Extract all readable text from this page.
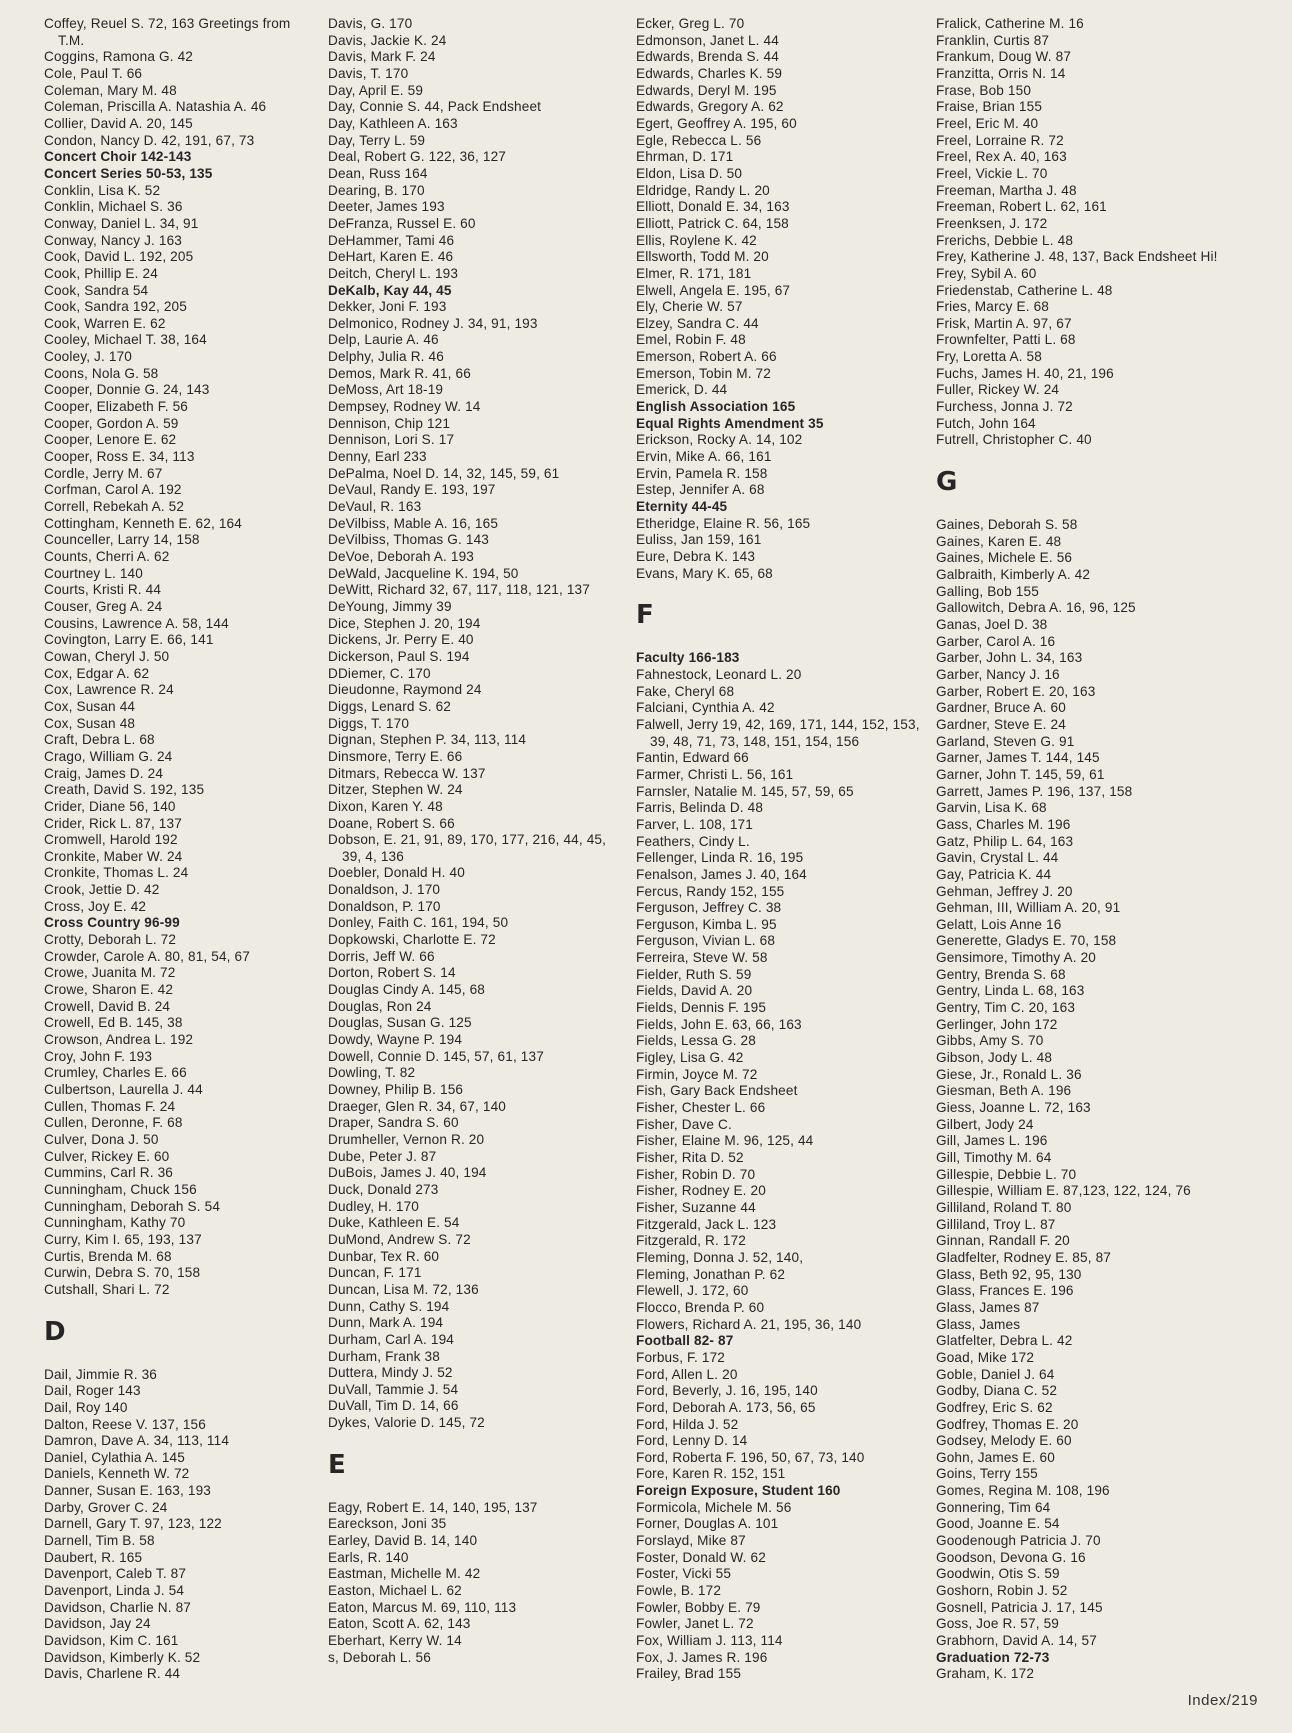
Coffey, Reuel S. 72, 163 Greetings from T.M.
Coggins, Ramona G. 42
Cole, Paul T. 66
Coleman, Mary M. 48
Coleman, Priscilla A. Natashia A. 46
Collier, David A. 20, 145
Condon, Nancy D. 42, 191, 67, 73
Concert Choir 142-143
Concert Series 50-53, 135
Conklin, Lisa K. 52
Conklin, Michael S. 36
Conway, Daniel L. 34, 91
Conway, Nancy J. 163
Cook, David L. 192, 205
Cook, Phillip E. 24
Cook, Sandra 54
Cook, Sandra 192, 205
Cook, Warren E. 62
Cooley, Michael T. 38, 164
Cooley, J. 170
Coons, Nola G. 58
Cooper, Donnie G. 24, 143
Cooper, Elizabeth F. 56
Cooper, Gordon A. 59
Cooper, Lenore E. 62
Cooper, Ross E. 34, 113
Cordle, Jerry M. 67
Corfman, Carol A. 192
Correll, Rebekah A. 52
Cottingham, Kenneth E. 62, 164
Counceller, Larry 14, 158
Counts, Cherri A. 62
Courtney L. 140
Courts, Kristi R. 44
Couser, Greg A. 24
Cousins, Lawrence A. 58, 144
Covington, Larry E. 66, 141
Cowan, Cheryl J. 50
Cox, Edgar A. 62
Cox, Lawrence R. 24
Cox, Susan 44
Cox, Susan 48
Craft, Debra L. 68
Crago, William G. 24
Craig, James D. 24
Creath, David S. 192, 135
Crider, Diane 56, 140
Crider, Rick L. 87, 137
Cromwell, Harold 192
Cronkite, Maber W. 24
Cronkite, Thomas L. 24
Crook, Jettie D. 42
Cross, Joy E. 42
Cross Country 96-99
Crotty, Deborah L. 72
Crowder, Carole A. 80, 81, 54, 67
Crowe, Juanita M. 72
Crowe, Sharon E. 42
Crowell, David B. 24
Crowell, Ed B. 145, 38
Crowson, Andrea L. 192
Croy, John F. 193
Crumley, Charles E. 66
Culbertson, Laurella J. 44
Cullen, Thomas F. 24
Cullen, Deronne, F. 68
Culver, Dona J. 50
Culver, Rickey E. 60
Cummins, Carl R. 36
Cunningham, Chuck 156
Cunningham, Deborah S. 54
Cunningham, Kathy 70
Curry, Kim I. 65, 193, 137
Curtis, Brenda M. 68
Curwin, Debra S. 70, 158
Cutshall, Shari L. 72
D
Dail, Jimmie R. 36
Dail, Roger 143
Dail, Roy 140
Dalton, Reese V. 137, 156
Damron, Dave A. 34, 113, 114
Daniel, Cylathia A. 145
Daniels, Kenneth W. 72
Danner, Susan E. 163, 193
Darby, Grover C. 24
Darnell, Gary T. 97, 123, 122
Darnell, Tim B. 58
Daubert, R. 165
Davenport, Caleb T. 87
Davenport, Linda J. 54
Davidson, Charlie N. 87
Davidson, Jay 24
Davidson, Kim C. 161
Davidson, Kimberly K. 52
Davis, Charlene R. 44
Davis, G. 170
Davis, Jackie K. 24
Davis, Mark F. 24
Davis, T. 170
Day, April E. 59
Day, Connie S. 44, Pack Endsheet
Day, Kathleen A. 163
Day, Terry L. 59
Deal, Robert G. 122, 36, 127
Dean, Russ 164
Dearing, B. 170
Deeter, James 193
DeFranza, Russel E. 60
DeHammer, Tami 46
DeHart, Karen E. 46
Deitch, Cheryl L. 193
DeKalb, Kay 44, 45
Dekker, Joni F. 193
Delmonico, Rodney J. 34, 91, 193
Delp, Laurie A. 46
Delphy, Julia R. 46
Demos, Mark R. 41, 66
DeMoss, Art 18-19
Dempsey, Rodney W. 14
Dennison, Chip 121
Dennison, Lori S. 17
Denny, Earl 233
DePalma, Noel D. 14, 32, 145, 59, 61
DeVaul, Randy E. 193, 197
DeVaul, R. 163
DeVilbiss, Mable A. 16, 165
DeVilbiss, Thomas G. 143
DeVoe, Deborah A. 193
DeWald, Jacqueline K. 194, 50
DeWitt, Richard 32, 67, 117, 118, 121, 137
DeYoung, Jimmy 39
Dice, Stephen J. 20, 194
Dickens, Jr. Perry E. 40
Dickerson, Paul S. 194
DDiemer, C. 170
Dieudonne, Raymond 24
Diggs, Lenard S. 62
Diggs, T. 170
Dignan, Stephen P. 34, 113, 114
Dinsmore, Terry E. 66
Ditmars, Rebecca W. 137
Ditzer, Stephen W. 24
Dixon, Karen Y. 48
Doane, Robert S. 66
Dobson, E. 21, 91, 89, 170, 177, 216, 44, 45, 39, 4, 136
Doebler, Donald H. 40
Donaldson, J. 170
Donaldson, P. 170
Donley, Faith C. 161, 194, 50
Dopkowski, Charlotte E. 72
Dorris, Jeff W. 66
Dorton, Robert S. 14
Douglas Cindy A. 145, 68
Douglas, Ron 24
Douglas, Susan G. 125
Dowdy, Wayne P. 194
Dowell, Connie D. 145, 57, 61, 137
Dowling, T. 82
Downey, Philip B. 156
Draeger, Glen R. 34, 67, 140
Draper, Sandra S. 60
Drumheller, Vernon R. 20
Dube, Peter J. 87
DuBois, James J. 40, 194
Duck, Donald 273
Dudley, H. 170
Duke, Kathleen E. 54
DuMond, Andrew S. 72
Dunbar, Tex R. 60
Duncan, F. 171
Duncan, Lisa M. 72, 136
Dunn, Cathy S. 194
Dunn, Mark A. 194
Durham, Carl A. 194
Durham, Frank 38
Duttera, Mindy J. 52
DuVall, Tammie J. 54
DuVall, Tim D. 14, 66
Dykes, Valorie D. 145, 72
E
Eagy, Robert E. 14, 140, 195, 137
Eareckson, Joni 35
Earley, David B. 14, 140
Earls, R. 140
Eastman, Michelle M. 42
Easton, Michael L. 62
Eaton, Marcus M. 69, 110, 113
Eaton, Scott A. 62, 143
Eberhart, Kerry W. 14
s, Deborah L. 56
Ecker, Greg L. 70
Edmonson, Janet L. 44
Edwards, Brenda S. 44
Edwards, Charles K. 59
Edwards, Deryl M. 195
Edwards, Gregory A. 62
Egert, Geoffrey A. 195, 60
Egle, Rebecca L. 56
Ehrman, D. 171
Eldon, Lisa D. 50
Eldridge, Randy L. 20
Elliott, Donald E. 34, 163
Elliott, Patrick C. 64, 158
Ellis, Roylene K. 42
Ellsworth, Todd M. 20
Elmer, R. 171, 181
Elwell, Angela E. 195, 67
Ely, Cherie W. 57
Elzey, Sandra C. 44
Emel, Robin F. 48
Emerson, Robert A. 66
Emerson, Tobin M. 72
Emerick, D. 44
English Association 165
Equal Rights Amendment 35
Erickson, Rocky A. 14, 102
Ervin, Mike A. 66, 161
Ervin, Pamela R. 158
Estep, Jennifer A. 68
Eternity 44-45
Etheridge, Elaine R. 56, 165
Euliss, Jan 159, 161
Eure, Debra K. 143
Evans, Mary K. 65, 68
F
Faculty 166-183
Fahnestock, Leonard L. 20
Fake, Cheryl 68
Falciani, Cynthia A. 42
Falwell, Jerry 19, 42, 169, 171, 144, 152, 153, 39, 48, 71, 73, 148, 151, 154, 156
Fantin, Edward 66
Farmer, Christi L. 56, 161
Farnsler, Natalie M. 145, 57, 59, 65
Farris, Belinda D. 48
Farver, L. 108, 171
Feathers, Cindy L.
Fellenger, Linda R. 16, 195
Fenalson, James J. 40, 164
Fercus, Randy 152, 155
Ferguson, Jeffrey C. 38
Ferguson, Kimba L. 95
Ferguson, Vivian L. 68
Ferreira, Steve W. 58
Fielder, Ruth S. 59
Fields, David A. 20
Fields, Dennis F. 195
Fields, John E. 63, 66, 163
Fields, Lessa G. 28
Figley, Lisa G. 42
Firmin, Joyce M. 72
Fish, Gary Back Endsheet
Fisher, Chester L. 66
Fisher, Dave C.
Fisher, Elaine M. 96, 125, 44
Fisher, Rita D. 52
Fisher, Robin D. 70
Fisher, Rodney E. 20
Fisher, Suzanne 44
Fitzgerald, Jack L. 123
Fitzgerald, R. 172
Fleming, Donna J. 52, 140,
Fleming, Jonathan P. 62
Flewell, J. 172, 60
Flocco, Brenda P. 60
Flowers, Richard A. 21, 195, 36, 140
Football 82- 87
Forbus, F. 172
Ford, Allen L. 20
Ford, Beverly, J. 16, 195, 140
Ford, Deborah A. 173, 56, 65
Ford, Hilda J. 52
Ford, Lenny D. 14
Ford, Roberta F. 196, 50, 67, 73, 140
Fore, Karen R. 152, 151
Foreign Exposure, Student 160
Formicola, Michele M. 56
Forner, Douglas A. 101
Forslayd, Mike 87
Foster, Donald W. 62
Foster, Vicki 55
Fowle, B. 172
Fowler, Bobby E. 79
Fowler, Janet L. 72
Fox, William J. 113, 114
Fox, J. James R. 196
Frailey, Brad 155
Fralick, Catherine M. 16
Franklin, Curtis 87
Frankum, Doug W. 87
Franzitta, Orris N. 14
Frase, Bob 150
Fraise, Brian 155
Freel, Eric M. 40
Freel, Lorraine R. 72
Freel, Rex A. 40, 163
Freel, Vickie L. 70
Freeman, Martha J. 48
Freeman, Robert L. 62, 161
Freenksen, J. 172
Frerichs, Debbie L. 48
Frey, Katherine J. 48, 137, Back Endsheet Hi!
Frey, Sybil A. 60
Friedenstab, Catherine L. 48
Fries, Marcy E. 68
Frisk, Martin A. 97, 67
Frownfelter, Patti L. 68
Fry, Loretta A. 58
Fuchs, James H. 40, 21, 196
Fuller, Rickey W. 24
Furchess, Jonna J. 72
Futch, John 164
Futrell, Christopher C. 40
G
Gaines, Deborah S. 58
Gaines, Karen E. 48
Gaines, Michele E. 56
Galbraith, Kimberly A. 42
Galling, Bob 155
Gallowitch, Debra A. 16, 96, 125
Ganas, Joel D. 38
Garber, Carol A. 16
Garber, John L. 34, 163
Garber, Nancy J. 16
Garber, Robert E. 20, 163
Gardner, Bruce A. 60
Gardner, Steve E. 24
Garland, Steven G. 91
Garner, James T. 144, 145
Garner, John T. 145, 59, 61
Garrett, James P. 196, 137, 158
Garvin, Lisa K. 68
Gass, Charles M. 196
Gatz, Philip L. 64, 163
Gavin, Crystal L. 44
Gay, Patricia K. 44
Gehman, Jeffrey J. 20
Gehman, III, William A. 20, 91
Gelatt, Lois Anne 16
Generette, Gladys E. 70, 158
Gensimore, Timothy A. 20
Gentry, Brenda S. 68
Gentry, Linda L. 68, 163
Gentry, Tim C. 20, 163
Gerlinger, John 172
Gibbs, Amy S. 70
Gibson, Jody L. 48
Giese, Jr., Ronald L. 36
Giesman, Beth A. 196
Giess, Joanne L. 72, 163
Gilbert, Jody 24
Gill, James L. 196
Gill, Timothy M. 64
Gillespie, Debbie L. 70
Gillespie, William E. 87,123, 122, 124, 76
Gilliland, Roland T. 80
Gilliland, Troy L. 87
Ginnan, Randall F. 20
Gladfelter, Rodney E. 85, 87
Glass, Beth 92, 95, 130
Glass, Frances E. 196
Glass, James 87
Glass, James
Glatfelter, Debra L. 42
Goad, Mike 172
Goble, Daniel J. 64
Godby, Diana C. 52
Godfrey, Eric S. 62
Godfrey, Thomas E. 20
Godsey, Melody E. 60
Gohn, James E. 60
Goins, Terry 155
Gomes, Regina M. 108, 196
Gonnering, Tim 64
Good, Joanne E. 54
Goodenough Patricia J. 70
Goodson, Devona G. 16
Goodwin, Otis S. 59
Goshorn, Robin J. 52
Gosnell, Patricia J. 17, 145
Goss, Joe R. 57, 59
Grabhorn, David A. 14, 57
Graduation 72-73
Graham, K. 172
Index/219
